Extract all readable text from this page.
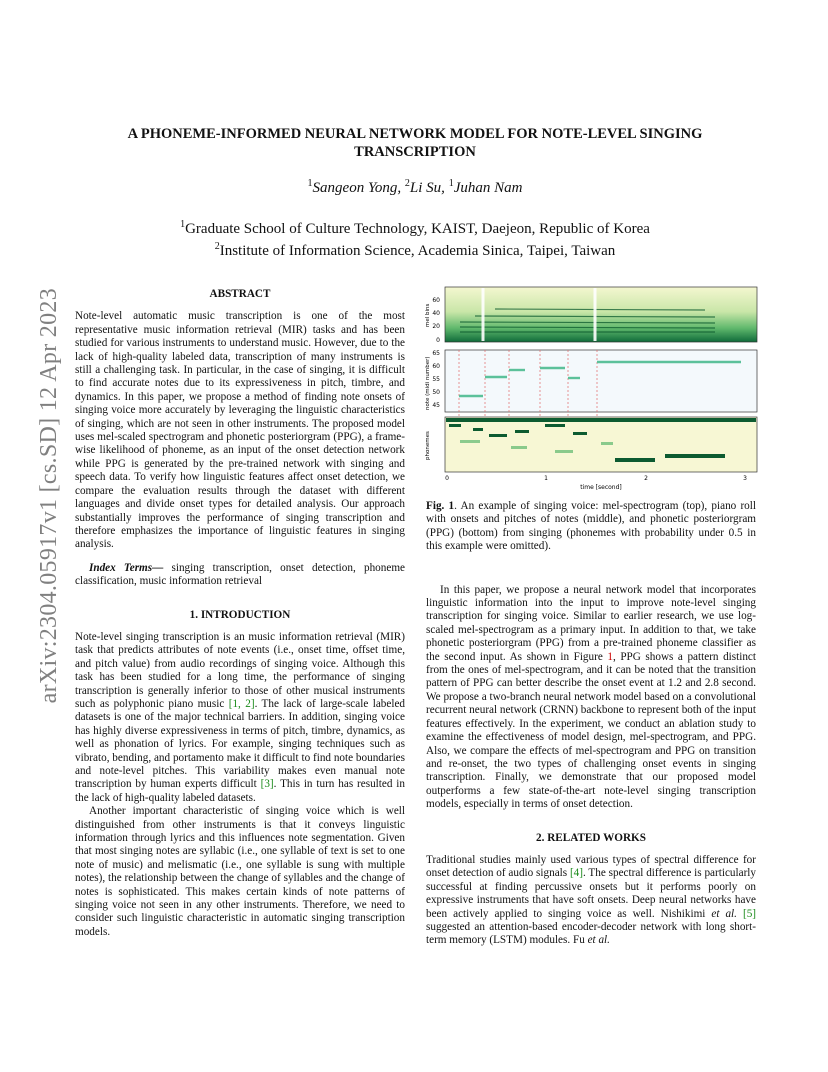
arXiv:2304.05917v1 [cs.SD] 12 Apr 2023
A PHONEME-INFORMED NEURAL NETWORK MODEL FOR NOTE-LEVEL SINGING TRANSCRIPTION
$^1$Sangeon Yong, $^2$Li Su, $^1$Juhan Nam
$^1$Graduate School of Culture Technology, KAIST, Daejeon, Republic of Korea
$^2$Institute of Information Science, Academia Sinica, Taipei, Taiwan
ABSTRACT

Note-level automatic music transcription is one of the most representative music information retrieval (MIR) tasks and has been studied for various instruments to understand music. However, due to the lack of high-quality labeled data, transcription of many instruments is still a challenging task. In particular, in the case of singing, it is difficult to find accurate notes due to its expressiveness in pitch, timbre, and dynamics. In this paper, we propose a method of finding note onsets of singing voice more accurately by leveraging the linguistic characteristics of singing, which are not seen in other instruments. The proposed model uses mel-scaled spectrogram and phonetic posteriorgram (PPG), a frame-wise likelihood of phoneme, as an input of the onset detection network while PPG is generated by the pre-trained network with singing and speech data. To verify how linguistic features affect onset detection, we compare the evaluation results through the dataset with different languages and divide onset types for detailed analysis. Our approach substantially improves the performance of singing transcription and therefore emphasizes the importance of linguistic features in singing analysis.

Index Terms— singing transcription, onset detection, phoneme classification, music information retrieval

1. INTRODUCTION

Note-level singing transcription is an music information retrieval (MIR) task that predicts attributes of note events (i.e., onset time, offset time, and pitch value) from audio recordings of singing voice. Although this task has been studied for a long time, the performance of singing transcription is generally inferior to those of other musical instruments such as polyphonic piano music [1, 2]. The lack of large-scale labeled datasets is one of the major technical barriers. In addition, singing voice has highly diverse expressiveness in terms of pitch, timbre, dynamics, as well as phonation of lyrics. For example, singing techniques such as vibrato, bending, and portamento make it difficult to find note boundaries and note-level pitches. This variability makes even manual note transcription by human experts difficult [3]. This in turn has resulted in the lack of high-quality labeled datasets.

Another important characteristic of singing voice which is well distinguished from other instruments is that it conveys linguistic information through lyrics and this influences note segmentation. Given that most singing notes are syllabic (i.e., one syllable of text is set to one note of music) and melismatic (i.e., one syllable is sung with multiple notes), the relationship between the change of syllables and the change of notes is sophisticated. This makes certain kinds of note patterns of singing voice not seen in any other instruments. Therefore, we need to consider such linguistic characteristic in automatic singing transcription models.

60
40
20
0
mel bins
65
60
55
50
45
note (midi number)
phonemes
0	1	2	3
time [second]

Fig. 1. An example of singing voice: mel-spectrogram (top), piano roll with onsets and pitches of notes (middle), and phonetic posteriorgram (PPG) (bottom) from singing (phonemes with probability under 0.5 in this example were omitted).

In this paper, we propose a neural network model that incorporates linguistic information into the input to improve note-level singing transcription for singing voice. Similar to earlier research, we use log-scaled mel-spectrogram as a primary input. In addition to that, we take phonetic posteriorgram (PPG) from a pre-trained phoneme classifier as the second input. As shown in Figure 1, PPG shows a pattern distinct from the ones of mel-spectrogram, and it can be noted that the transition pattern of PPG can better describe the onset event at 1.2 and 2.8 second. We propose a two-branch neural network model based on a convolutional recurrent neural network (CRNN) backbone to represent both of the input features effectively. In the experiment, we conduct an ablation study to examine the effectiveness of model design, mel-spectrogram, and PPG. Also, we compare the effects of mel-spectrogram and PPG on transition and re-onset, the two types of challenging onset events in singing transcription. Finally, we demonstrate that our proposed model outperforms a few state-of-the-art note-level singing transcription models, especially in terms of onset detection.

2. RELATED WORKS

Traditional studies mainly used various types of spectral difference for onset detection of audio signals [4]. The spectral difference is particularly successful at finding percussive onsets but it performs poorly on expressive instruments that have soft onsets. Deep neural networks have been actively applied to singing voice as well. Nishikimi et al. [5] suggested an attention-based encoder-decoder network with long short-term memory (LSTM) modules. Fu et al.
